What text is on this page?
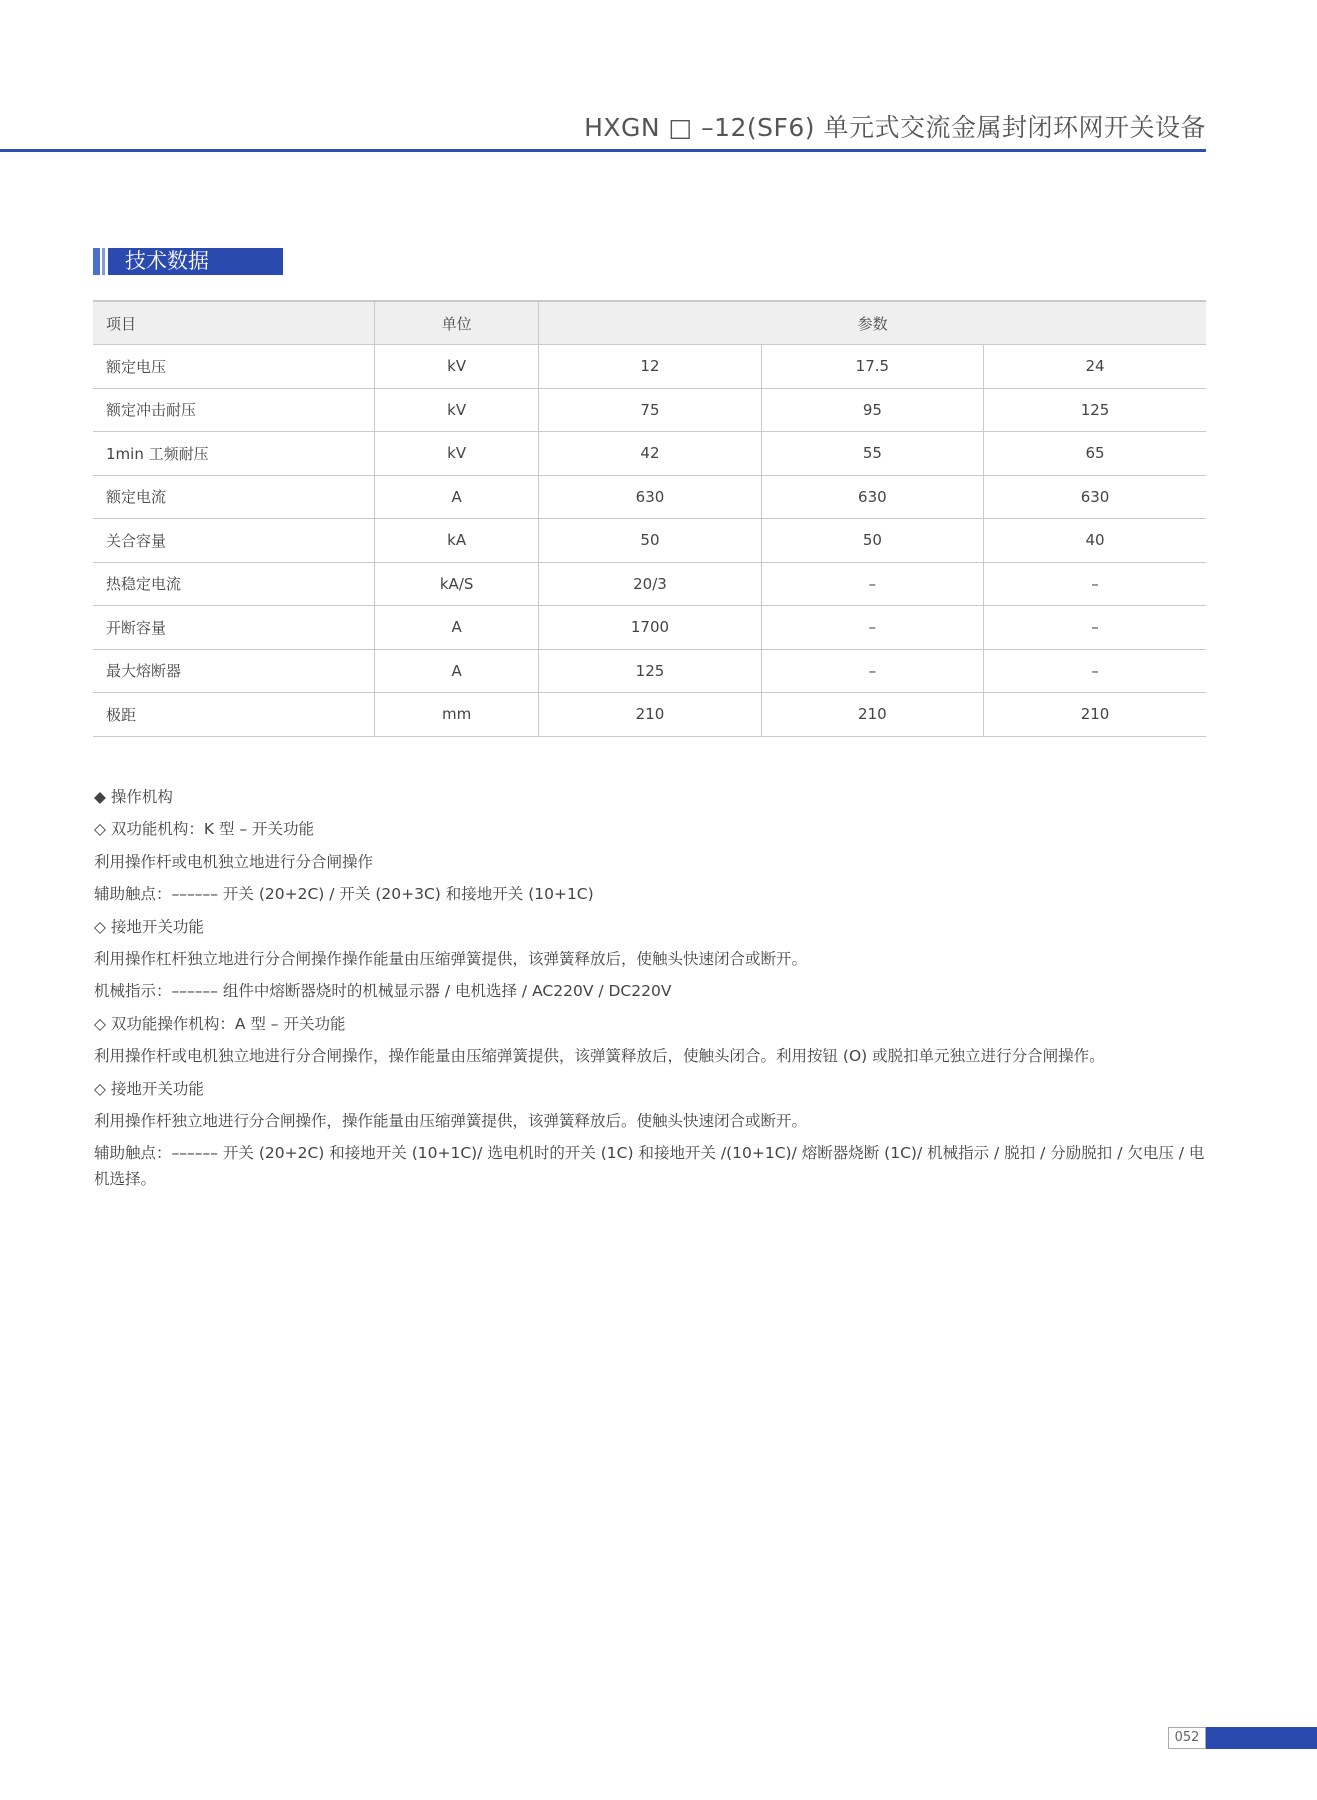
HXGN □ –12(SF6) 单元式交流金属封闭环网开关设备
技术数据
项目	单位	参数		
额定电压	kV	12	17.5	24
额定冲击耐压	kV	75	95	125
1min 工频耐压	kV	42	55	65
额定电流	A	630	630	630
关合容量	kA	50	50	40
热稳定电流	kA/S	20/3	–	–
开断容量	A	1700	–	–
最大熔断器	A	125	–	–
极距	mm	210	210	210

◆ 操作机构

◇ 双功能机构：K 型 – 开关功能

利用操作杆或电机独立地进行分合闸操作

辅助触点：–––––– 开关 (20+2C) / 开关 (20+3C) 和接地开关 (10+1C)

◇ 接地开关功能

利用操作杠杆独立地进行分合闸操作操作能量由压缩弹簧提供，该弹簧释放后，使触头快速闭合或断开。

机械指示：–––––– 组件中熔断器烧时的机械显示器 / 电机选择 / AC220V / DC220V

◇ 双功能操作机构：A 型 – 开关功能

利用操作杆或电机独立地进行分合闸操作，操作能量由压缩弹簧提供，该弹簧释放后，使触头闭合。利用按钮 (O) 或脱扣单元独立进行分合闸操作。

◇ 接地开关功能

利用操作杆独立地进行分合闸操作，操作能量由压缩弹簧提供，该弹簧释放后。使触头快速闭合或断开。

辅助触点：–––––– 开关 (20+2C) 和接地开关 (10+1C)/ 选电机时的开关 (1C) 和接地开关 /(10+1C)/ 熔断器烧断 (1C)/ 机械指示 / 脱扣 / 分励脱扣 / 欠电压 / 电机选择。

052
